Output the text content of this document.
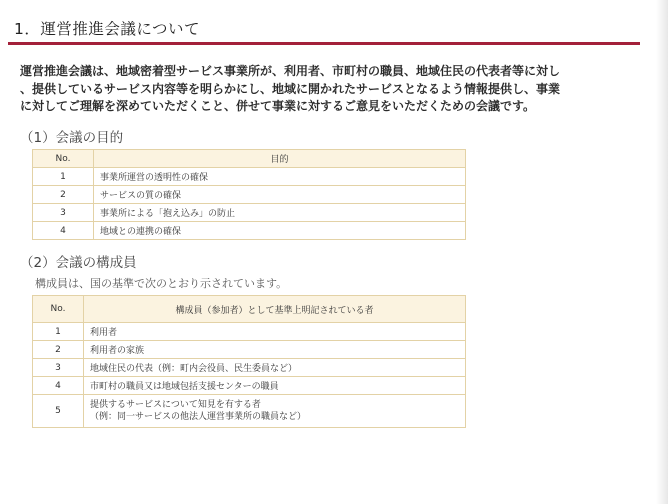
1．運営推進会議について
運営推進会議は、地域密着型サービス事業所が、利用者、市町村の職員、地域住民の代表者等に対し
、提供しているサービス内容等を明らかにし、地域に開かれたサービスとなるよう情報提供し、事業
に対してご理解を深めていただくこと、併せて事業に対するご意見をいただくための会議です。
（1）会議の目的
No.	目的
1	事業所運営の透明性の確保
2	サービスの質の確保
3	事業所による「抱え込み」の防止
4	地域との連携の確保
（2）会議の構成員
構成員は、国の基準で次のとおり示されています。
No.	構成員（参加者）として基準上明記されている者
1	利用者
2	利用者の家族
3	地域住民の代表（例：町内会役員、民生委員など）
4	市町村の職員又は地域包括支援センターの職員
5	提供するサービスについて知見を有する者
（例：同一サービスの他法人運営事業所の職員など）
